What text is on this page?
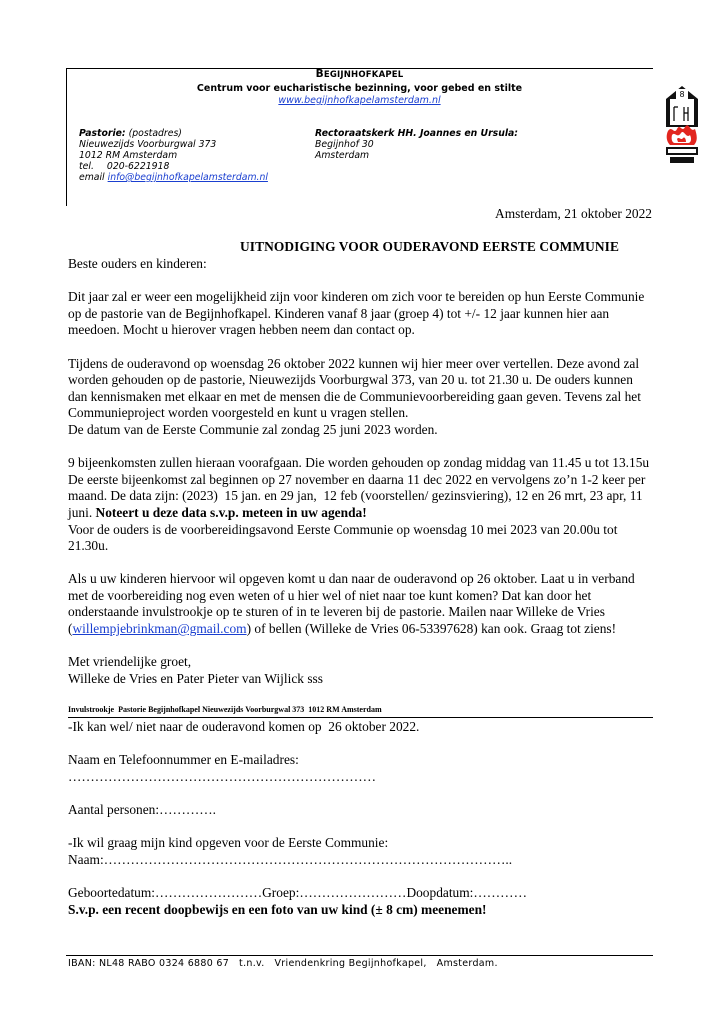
BEGIJNHOFKAPEL
Centrum voor eucharistische bezinning, voor gebed en stilte
www.begijnhofkapelamsterdam.nl
Pastorie: (postadres)
Nieuwezijds Voorburgwal 373
1012 RM Amsterdam
tel. 020-6221918
email info@begijnhofkapelamsterdam.nl
Rectoraatskerk HH. Joannes en Ursula:
Begijnhof 30
Amsterdam
8
Amsterdam, 21 oktober 2022
UITNODIGING VOOR OUDERAVOND EERSTE COMMUNIE

Beste ouders en kinderen:

Dit jaar zal er weer een mogelijkheid zijn voor kinderen om zich voor te bereiden op hun Eerste Communie op de pastorie van de Begijnhofkapel. Kinderen vanaf 8 jaar (groep 4) tot +/- 12 jaar kunnen hier aan meedoen. Mocht u hierover vragen hebben neem dan contact op.

Tijdens de ouderavond op woensdag 26 oktober 2022 kunnen wij hier meer over vertellen. Deze avond zal worden gehouden op de pastorie, Nieuwezijds Voorburgwal 373, van 20 u. tot 21.30 u. De ouders kunnen dan kennismaken met elkaar en met de mensen die de Communievoorbereiding gaan geven. Tevens zal het Communieproject worden voorgesteld en kunt u vragen stellen.

De datum van de Eerste Communie zal zondag 25 juni 2023 worden.

9 bijeenkomsten zullen hieraan voorafgaan. Die worden gehouden op zondag middag van 11.45 u tot 13.15u De eerste bijeenkomst zal beginnen op 27 november en daarna 11 dec 2022 en vervolgens zo’n 1-2 keer per maand. De data zijn: (2023)  15 jan. en 29 jan,  12 feb (voorstellen/ gezinsviering), 12 en 26 mrt, 23 apr, 11 juni. Noteert u deze data s.v.p. meteen in uw agenda!

Voor de ouders is de voorbereidingsavond Eerste Communie op woensdag 10 mei 2023 van 20.00u tot 21.30u.

Als u uw kinderen hiervoor wil opgeven komt u dan naar de ouderavond op 26 oktober. Laat u in verband met de voorbereiding nog even weten of u hier wel of niet naar toe kunt komen? Dat kan door het onderstaande invulstrookje op te sturen of in te leveren bij de pastorie. Mailen naar Willeke de Vries (willempjebrinkman@gmail.com) of bellen (Willeke de Vries 06-53397628) kan ook. Graag tot ziens!

Met vriendelijke groet,

Willeke de Vries en Pater Pieter van Wijlick sss

Invulstrookje  Pastorie Begijnhofkapel Nieuwezijds Voorburgwal 373  1012 RM Amsterdam

-Ik kan wel/ niet naar de ouderavond komen op  26 oktober 2022.

Naam en Telefoonnummer en E-mailadres:

……………………………………………………………

Aantal personen:………….

-Ik wil graag mijn kind opgeven voor de Eerste Communie:

Naam:………………………………………………………………………………..

Geboortedatum:……………………Groep:……………………Doopdatum:…………

S.v.p. een recent doopbewijs en een foto van uw kind (± 8 cm) meenemen!

IBAN: NL48 RABO 0324 6880 67   t.n.v.   Vriendenkring Begijnhofkapel,   Amsterdam.
